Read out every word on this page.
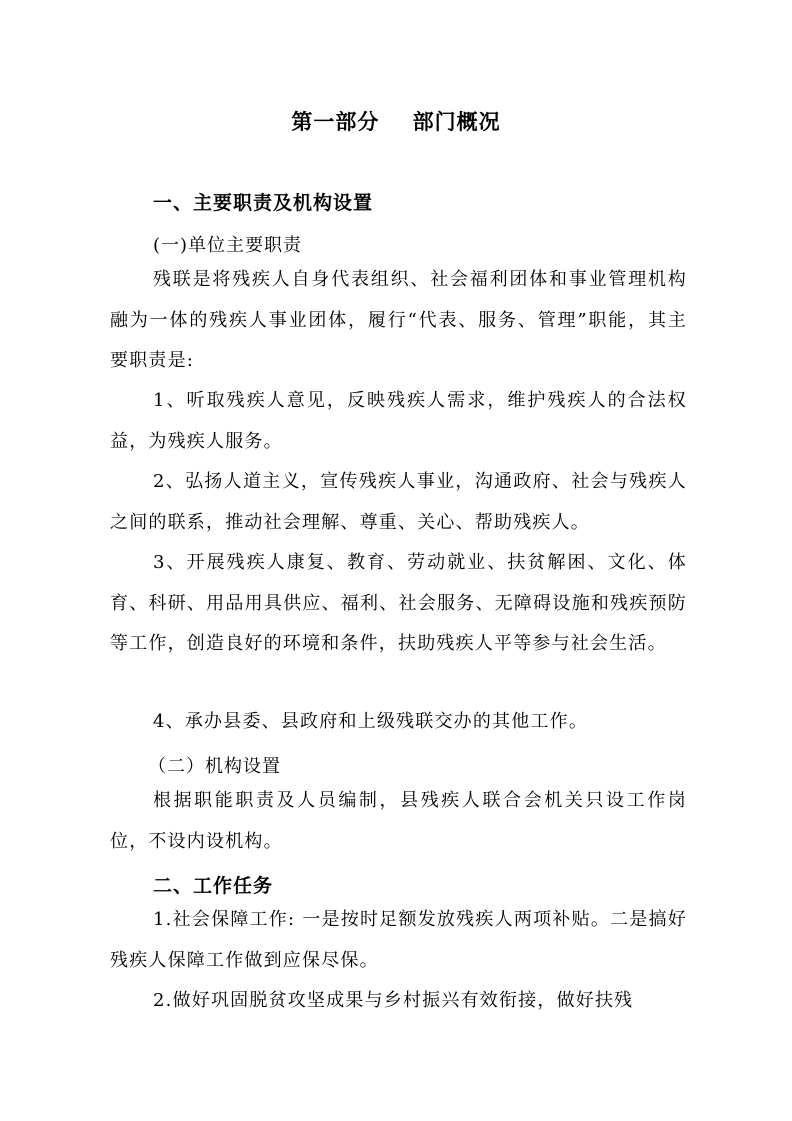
第一部分    部门概况
一、主要职责及机构设置
(一)单位主要职责
残联是将残疾人自身代表组织、社会福利团体和事业管理机构融为一体的残疾人事业团体，履行“代表、服务、管理”职能，其主要职责是:
1、听取残疾人意见，反映残疾人需求，维护残疾人的合法权益，为残疾人服务。
2、弘扬人道主义，宣传残疾人事业，沟通政府、社会与残疾人之间的联系，推动社会理解、尊重、关心、帮助残疾人。
3、开展残疾人康复、教育、劳动就业、扶贫解困、文化、体育、科研、用品用具供应、福利、社会服务、无障碍设施和残疾预防等工作，创造良好的环境和条件，扶助残疾人平等参与社会生活。
4、承办县委、县政府和上级残联交办的其他工作。
（二）机构设置
根据职能职责及人员编制，县残疾人联合会机关只设工作岗位，不设内设机构。
二、工作任务
1.社会保障工作: 一是按时足额发放残疾人两项补贴。二是搞好残疾人保障工作做到应保尽保。
2.做好巩固脱贫攻坚成果与乡村振兴有效衔接，做好扶残
